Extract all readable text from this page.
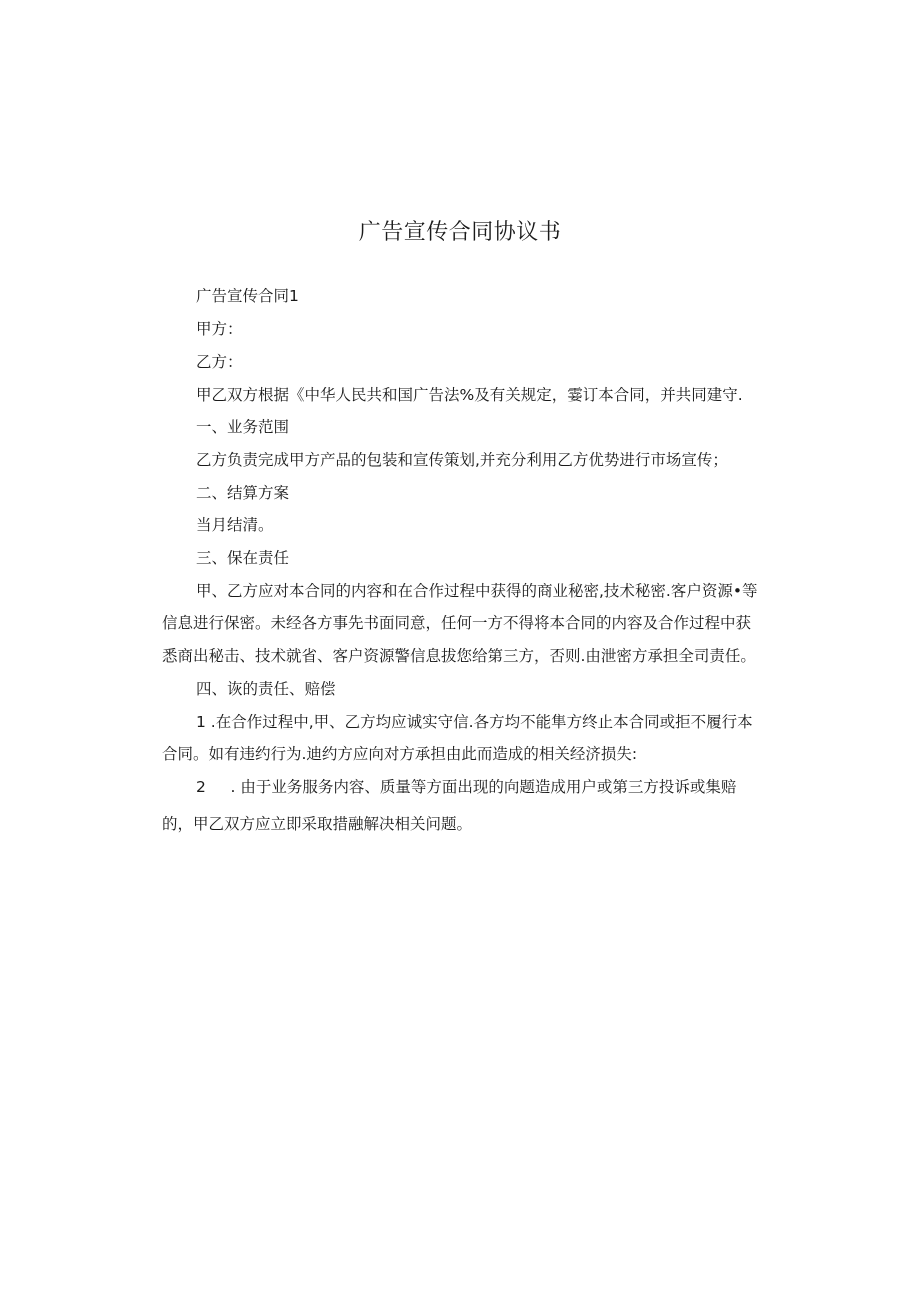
广告宣传合同协议书
广告宣传合同1
甲方：
乙方：
甲乙双方根据《中华人民共和国广告法%及有关规定，霎订本合同，并共同建守.
一、业务范围
乙方负责完成甲方产品的包装和宣传策划,并充分利用乙方优势进行市场宣传；
二、结算方案
当月结清。
三、保在责任
甲、乙方应对本合同的内容和在合作过程中获得的商业秘密,技术秘密.客户资源•等
信息进行保密。未经各方事先书面同意，任何一方不得将本合同的内容及合作过程中获
悉商出秘击、技术就省、客户资源警信息拔您给第三方，否则.由泄密方承担全司责任。
四、诙的责任、赔偿
1 .在合作过程中,甲、乙方均应诚实守信.各方均不能隼方终止本合同或拒不履行本
合同。如有违约行为.迪约方应向对方承担由此而造成的相关经济损失:
2     . 由于业务服务内容、质量等方面出现的向题造成用户或第三方投诉或集赔
的，甲乙双方应立即采取措融解决相关问题。
